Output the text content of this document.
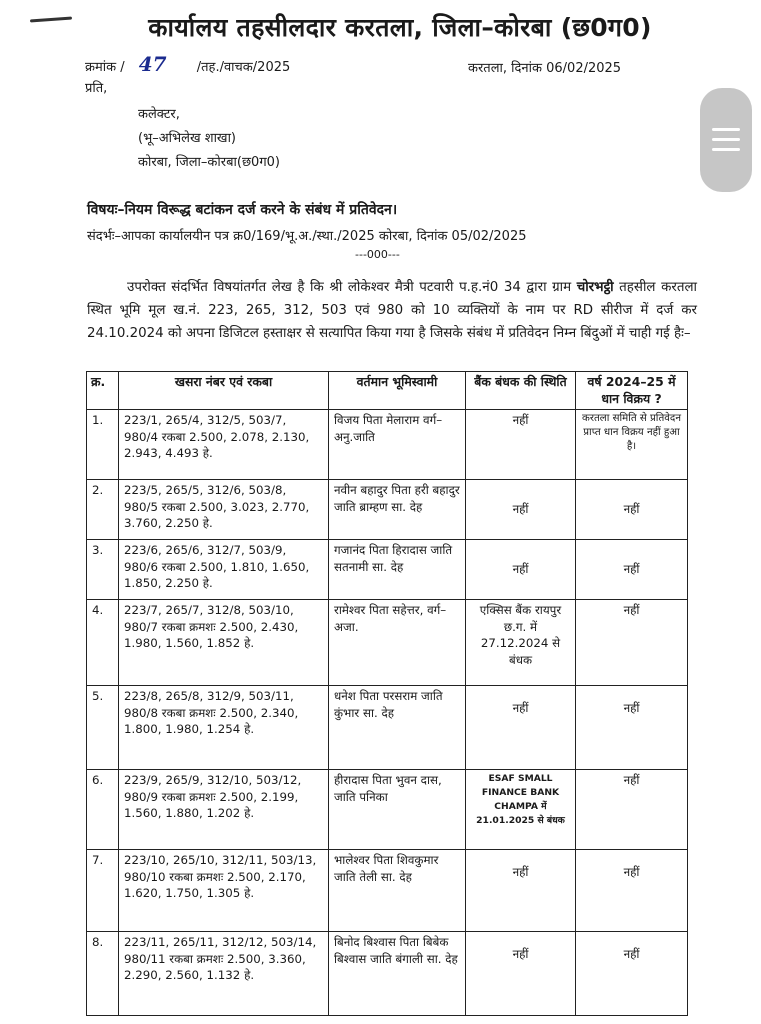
कार्यालय तहसीलदार करतला, जिला–कोरबा (छ0ग0)
क्रमांक / 47 /तह./वाचक/2025	करतला, दिनांक 06/02/2025
प्रति,
कलेक्टर,
(भू–अभिलेख शाखा)
कोरबा, जिला–कोरबा(छ0ग0)
विषयः–नियम विरूद्ध बटांकन दर्ज करने के संबंध में प्रतिवेदन।
संदर्भः–आपका कार्यालयीन पत्र क्र0/169/भू.अ./स्था./2025 कोरबा, दिनांक 05/02/2025
---000---
उपरोक्त संदर्भित विषयांतर्गत लेख है कि श्री लोकेश्वर मैत्री पटवारी प.ह.नं0 34 द्वारा ग्राम चोरभट्ठी तहसील करतला स्थित भूमि मूल ख.नं. 223, 265, 312, 503 एवं 980 को 10 व्यक्तियों के नाम पर RD सीरीज में दर्ज कर 24.10.2024 को अपना डिजिटल हस्ताक्षर से सत्यापित किया गया है जिसके संबंध में प्रतिवेदन निम्न बिंदुओं में चाही गई हैः–
क्र.	खसरा नंबर एवं रकबा	वर्तमान भूमिस्वामी	बैंक बंधक की स्थिति	वर्ष 2024–25 में धान विक्रय ?
1.	223/1, 265/4, 312/5, 503/7, 980/4 रकबा 2.500, 2.078, 2.130, 2.943, 4.493 हे.	विजय पिता मेलाराम वर्ग–अनु.जाति	नहीं	करतला समिति से प्रतिवेदन प्राप्त धान विक्रय नहीं हुआ है।
2.	223/5, 265/5, 312/6, 503/8, 980/5 रकबा 2.500, 3.023, 2.770, 3.760, 2.250 हे.	नवीन बहादुर पिता हरी बहादुर जाति ब्राम्हण सा. देह	नहीं	नहीं
3.	223/6, 265/6, 312/7, 503/9, 980/6 रकबा 2.500, 1.810, 1.650, 1.850, 2.250 हे.	गजानंद पिता हिरादास जाति सतनामी सा. देह	नहीं	नहीं
4.	223/7, 265/7, 312/8, 503/10, 980/7 रकबा क्रमशः 2.500, 2.430, 1.980, 1.560, 1.852 हे.	रामेश्वर पिता सहेत्तर, वर्ग–अजा.	एक्सिस बैंक रायपुर छ.ग. में 27.12.2024 से बंधक	नहीं
5.	223/8, 265/8, 312/9, 503/11, 980/8 रकबा क्रमशः 2.500, 2.340, 1.800, 1.980, 1.254 हे.	धनेश पिता परसराम जाति कुंभार सा. देह	नहीं	नहीं
6.	223/9, 265/9, 312/10, 503/12, 980/9 रकबा क्रमशः 2.500, 2.199, 1.560, 1.880, 1.202 हे.	हीरादास पिता भुवन दास, जाति पनिका	ESAF SMALL FINANCE BANK CHAMPA में 21.01.2025 से बंधक	नहीं
7.	223/10, 265/10, 312/11, 503/13, 980/10 रकबा क्रमशः 2.500, 2.170, 1.620, 1.750, 1.305 हे.	भालेश्वर पिता शिवकुमार जाति तेली सा. देह	नहीं	नहीं
8.	223/11, 265/11, 312/12, 503/14, 980/11 रकबा क्रमशः 2.500, 3.360, 2.290, 2.560, 1.132 हे.	बिनोद बिश्वास पिता बिबेक बिश्वास जाति बंगाली सा. देह	नहीं	नहीं
